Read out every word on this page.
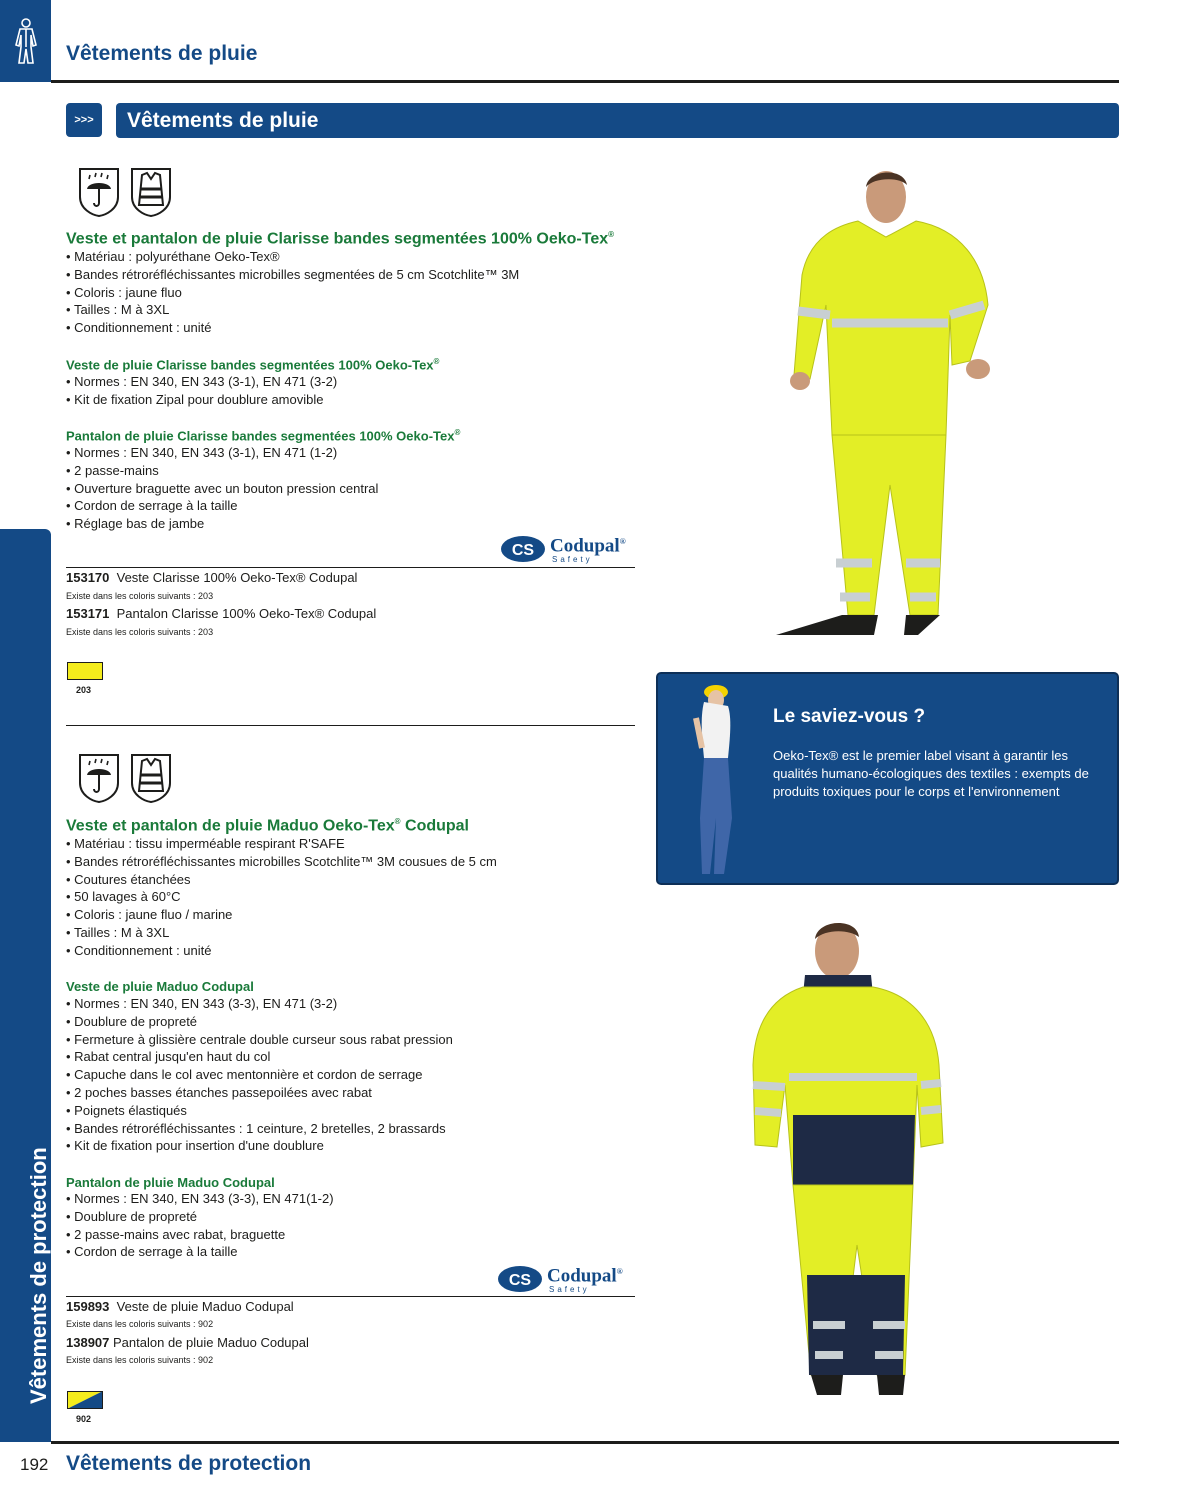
Vêtements de pluie
>>>	Vêtements de pluie
Vêtements de protection
Veste et pantalon de pluie Clarisse bandes segmentées 100% Oeko-Tex®
• Matériau : polyuréthane Oeko-Tex®
• Bandes rétroréfléchissantes microbilles segmentées de 5 cm Scotchlite™ 3M
• Coloris : jaune fluo
• Tailles : M à 3XL
• Conditionnement : unité
Veste de pluie Clarisse bandes segmentées 100% Oeko-Tex®
• Normes : EN 340, EN 343 (3-1), EN 471 (3-2)
• Kit de fixation Zipal pour doublure amovible
Pantalon de pluie Clarisse bandes segmentées 100% Oeko-Tex®
• Normes : EN 340, EN 343 (3-1), EN 471 (1-2)
• 2 passe-mains
• Ouverture braguette avec un bouton pression central
• Cordon de serrage à la taille
• Réglage bas de jambe
CS Codupal®
Safety
153170 Veste Clarisse 100% Oeko-Tex® Codupal
Existe dans les coloris suivants : 203
153171 Pantalon Clarisse 100% Oeko-Tex® Codupal
Existe dans les coloris suivants : 203
203
Le saviez-vous ?
Oeko-Tex® est le premier label visant à garantir les qualités humano-écologiques des textiles : exempts de produits toxiques pour le corps et l'environnement
Veste et pantalon de pluie Maduo Oeko-Tex® Codupal
• Matériau : tissu imperméable respirant R'SAFE
• Bandes rétroréfléchissantes microbilles Scotchlite™ 3M cousues de 5 cm
• Coutures étanchées
• 50 lavages à 60°C
• Coloris : jaune fluo / marine
• Tailles : M à 3XL
• Conditionnement : unité
Veste de pluie Maduo Codupal
• Normes : EN 340, EN 343 (3-3), EN 471 (3-2)
• Doublure de propreté
• Fermeture à glissière centrale double curseur sous rabat pression
• Rabat central jusqu'en haut du col
• Capuche dans le col avec mentonnière et cordon de serrage
• 2 poches basses étanches passepoilées avec rabat
• Poignets élastiqués
• Bandes rétroréfléchissantes : 1 ceinture, 2 bretelles, 2 brassards
• Kit de fixation pour insertion d'une doublure
Pantalon de pluie Maduo Codupal
• Normes : EN 340, EN 343 (3-3), EN 471(1-2)
• Doublure de propreté
• 2 passe-mains avec rabat, braguette
• Cordon de serrage à la taille
CS Codupal®
Safety
159893 Veste de pluie Maduo Codupal
Existe dans les coloris suivants : 902
138907 Pantalon de pluie Maduo Codupal
Existe dans les coloris suivants : 902
902
192 Vêtements de protection
